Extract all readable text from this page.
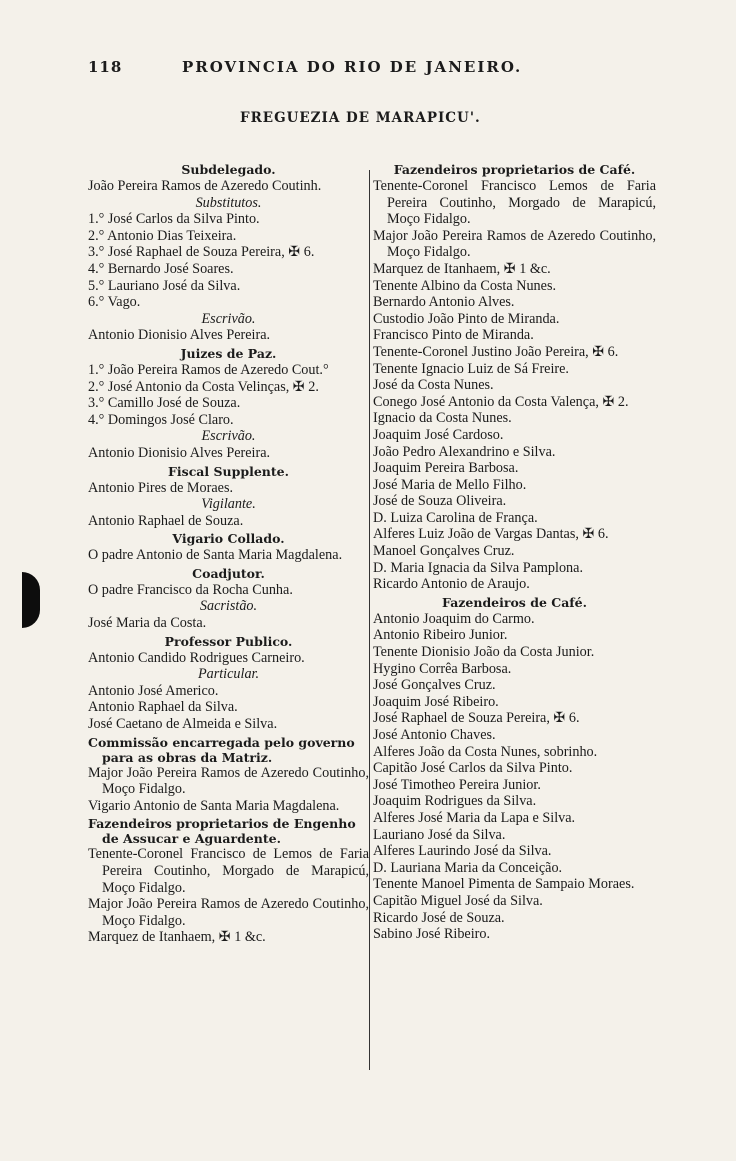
118	PROVINCIA DO RIO DE JANEIRO.
FREGUEZIA DE MARAPICU'.
Subdelegado.
João Pereira Ramos de Azeredo Coutinh.
Substitutos.
1.° José Carlos da Silva Pinto.
2.° Antonio Dias Teixeira.
3.° José Raphael de Souza Pereira, ✠ 6.
4.° Bernardo José Soares.
5.° Lauriano José da Silva.
6.° Vago.
Escrivão.
Antonio Dionisio Alves Pereira.
Juizes de Paz.
1.° João Pereira Ramos de Azeredo Cout.°
2.° José Antonio da Costa Velinças, ✠ 2.
3.° Camillo José de Souza.
4.° Domingos José Claro.
Escrivão.
Antonio Dionisio Alves Pereira.
Fiscal Supplente.
Antonio Pires de Moraes.
Vigilante.
Antonio Raphael de Souza.
Vigario Collado.
O padre Antonio de Santa Maria Magdalena.
Coadjutor.
O padre Francisco da Rocha Cunha.
Sacristão.
José Maria da Costa.
Professor Publico.
Antonio Candido Rodrigues Carneiro.
Particular.
Antonio José Americo.
Antonio Raphael da Silva.
José Caetano de Almeida e Silva.
Commissão encarregada pelo governo para as obras da Matriz.
Major João Pereira Ramos de Azeredo Coutinho, Moço Fidalgo.
Vigario Antonio de Santa Maria Magdalena.
Fazendeiros proprietarios de Engenho de Assucar e Aguardente.
Tenente-Coronel Francisco de Lemos de Faria Pereira Coutinho, Morgado de Marapicú, Moço Fidalgo.
Major João Pereira Ramos de Azeredo Coutinho, Moço Fidalgo.
Marquez de Itanhaem, ✠ 1 &c.
Fazendeiros proprietarios de Café.
Tenente-Coronel Francisco Lemos de Faria Pereira Coutinho, Morgado de Marapicú, Moço Fidalgo.
Major João Pereira Ramos de Azeredo Coutinho, Moço Fidalgo.
Marquez de Itanhaem, ✠ 1 &c.
Tenente Albino da Costa Nunes.
Bernardo Antonio Alves.
Custodio João Pinto de Miranda.
Francisco Pinto de Miranda.
Tenente-Coronel Justino João Pereira, ✠ 6.
Tenente Ignacio Luiz de Sá Freire.
José da Costa Nunes.
Conego José Antonio da Costa Valença, ✠ 2.
Ignacio da Costa Nunes.
Joaquim José Cardoso.
João Pedro Alexandrino e Silva.
Joaquim Pereira Barbosa.
José Maria de Mello Filho.
José de Souza Oliveira.
D. Luiza Carolina de França.
Alferes Luiz João de Vargas Dantas, ✠ 6.
Manoel Gonçalves Cruz.
D. Maria Ignacia da Silva Pamplona.
Ricardo Antonio de Araujo.
Fazendeiros de Café.
Antonio Joaquim do Carmo.
Antonio Ribeiro Junior.
Tenente Dionisio João da Costa Junior.
Hygino Corrêa Barbosa.
José Gonçalves Cruz.
Joaquim José Ribeiro.
José Raphael de Souza Pereira, ✠ 6.
José Antonio Chaves.
Alferes João da Costa Nunes, sobrinho.
Capitão José Carlos da Silva Pinto.
José Timotheo Pereira Junior.
Joaquim Rodrigues da Silva.
Alferes José Maria da Lapa e Silva.
Lauriano José da Silva.
Alferes Laurindo José da Silva.
D. Lauriana Maria da Conceição.
Tenente Manoel Pimenta de Sampaio Moraes.
Capitão Miguel José da Silva.
Ricardo José de Souza.
Sabino José Ribeiro.
